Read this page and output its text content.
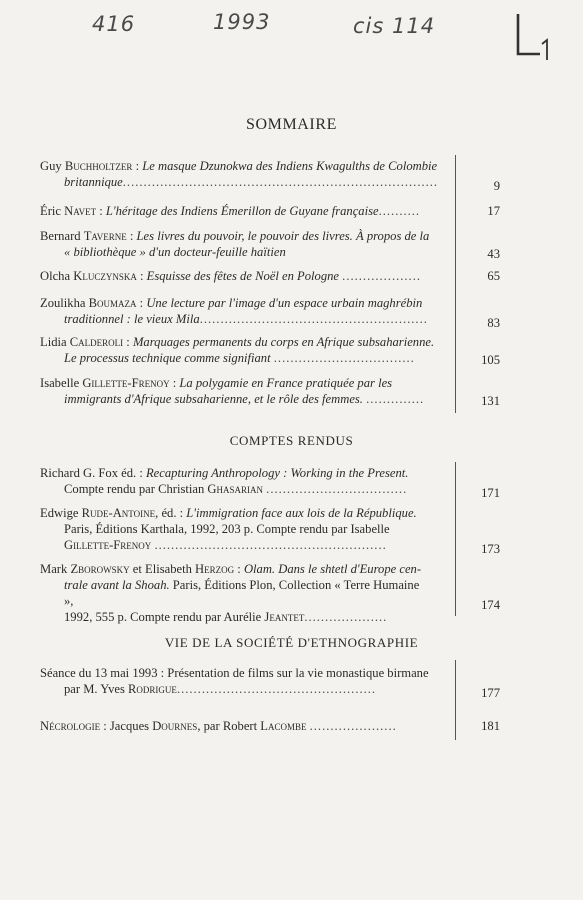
416	1993	cis 114
SOMMAIRE
Guy Buchholtzer : Le masque Dzunokwa des Indiens Kwagulths de Colombie
britannique............................................................................	9
Éric Navet : L'héritage des Indiens Émerillon de Guyane française..........	17
Bernard Taverne : Les livres du pouvoir, le pouvoir des livres. À propos de la
« bibliothèque » d'un docteur-feuille haïtien	43
Olcha Kluczynska : Esquisse des fêtes de Noël en Pologne ...................	65
Zoulikha Boumaza : Une lecture par l'image d'un espace urbain maghrébin
traditionnel : le vieux Mila.......................................................	83
Lidia Calderoli : Marquages permanents du corps en Afrique subsaharienne.
Le processus technique comme signifiant ..................................	105
Isabelle Gillette-Frenoy : La polygamie en France pratiquée par les
immigrants d'Afrique subsaharienne, et le rôle des femmes. ..............	131
COMPTES RENDUS
Richard G. Fox éd. : Recapturing Anthropology : Working in the Present.
Compte rendu par Christian Ghasarian ..................................	171
Edwige Rude-Antoine, éd. : L'immigration face aux lois de la République.
Paris, Éditions Karthala, 1992, 203 p. Compte rendu par Isabelle
Gillette-Frenoy ........................................................	173
Mark Zborowsky et Elisabeth Herzog : Olam. Dans le shtetl d'Europe cen-
trale avant la Shoah. Paris, Éditions Plon, Collection « Terre Humaine »,
1992, 555 p. Compte rendu par Aurélie Jeantet....................
174
VIE DE LA SOCIÉTÉ D'ETHNOGRAPHIE
Séance du 13 mai 1993 : Présentation de films sur la vie monastique birmane
par M. Yves Rodrigue................................................	177
Nécrologie : Jacques Dournes, par Robert Lacombe .....................	181
